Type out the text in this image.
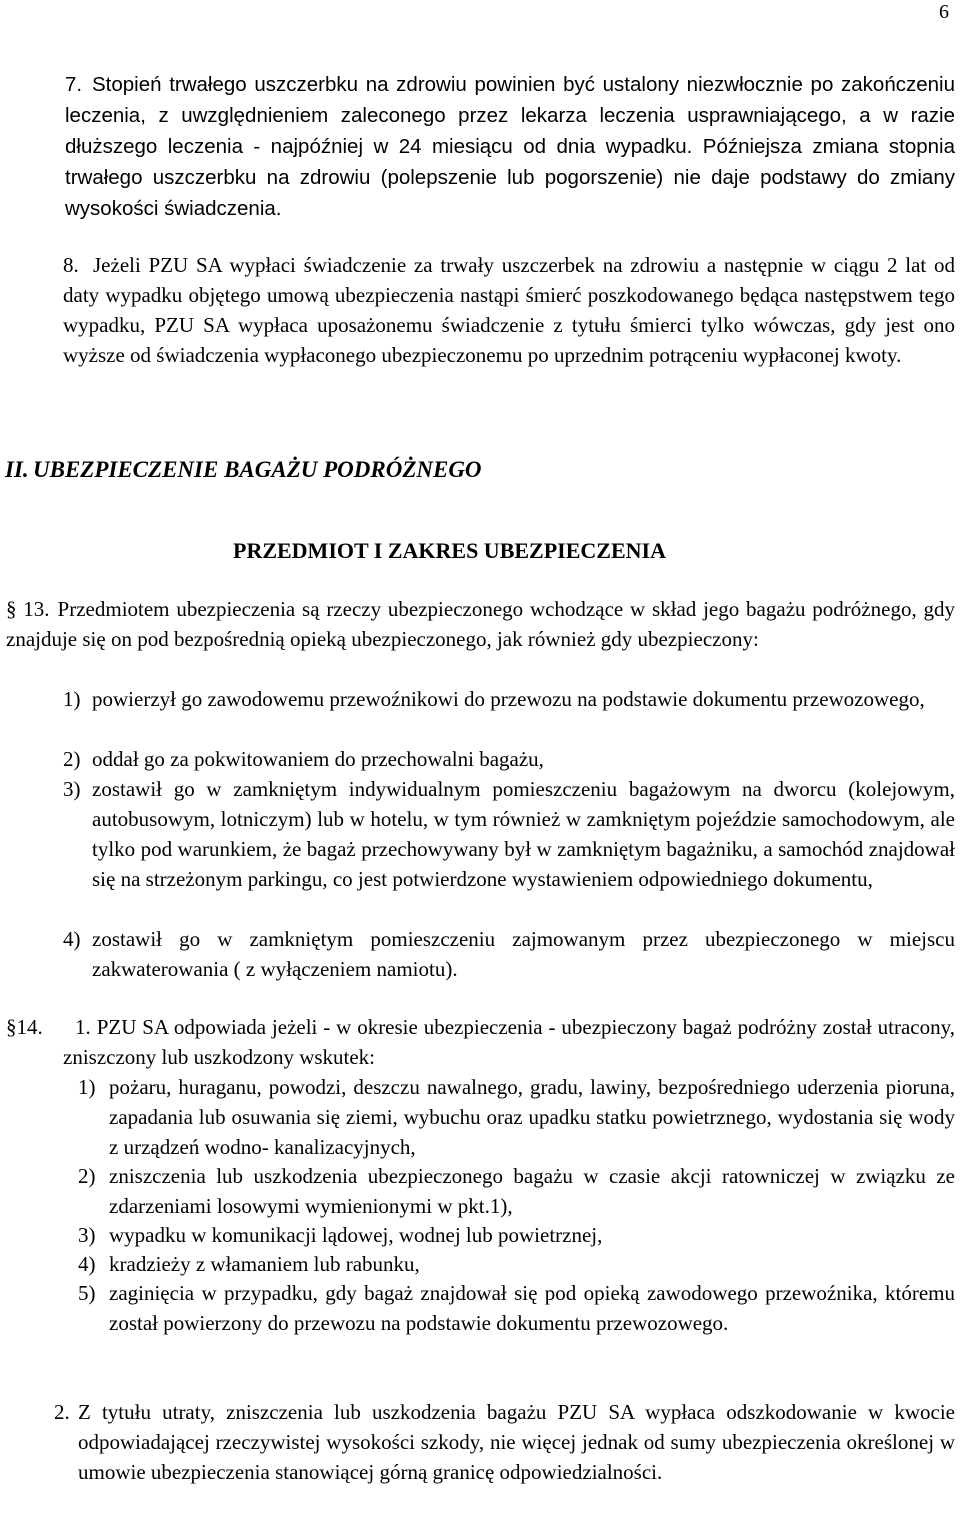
6
7. Stopień trwałego uszczerbku na zdrowiu powinien być ustalony niezwłocznie po zakończeniu leczenia, z uwzględnieniem zaleconego przez lekarza leczenia usprawniającego, a w razie dłuższego leczenia - najpóźniej w 24 miesiącu od dnia wypadku. Późniejsza zmiana stopnia trwałego uszczerbku na zdrowiu (polepszenie lub pogorszenie) nie daje podstawy do zmiany wysokości świadczenia.
8. Jeżeli PZU SA wypłaci świadczenie za trwały uszczerbek na zdrowiu a następnie w ciągu 2 lat od daty wypadku objętego umową ubezpieczenia nastąpi śmierć poszkodowanego będąca następstwem tego wypadku, PZU SA wypłaca uposażonemu świadczenie z tytułu śmierci tylko wówczas, gdy jest ono wyższe od świadczenia wypłaconego ubezpieczonemu po uprzednim potrąceniu wypłaconej kwoty.
II. UBEZPIECZENIE BAGAŻU PODRÓŻNEGO
PRZEDMIOT I ZAKRES UBEZPIECZENIA
§ 13. Przedmiotem ubezpieczenia są rzeczy ubezpieczonego wchodzące w skład jego bagażu podróżnego, gdy znajduje się on pod bezpośrednią opieką ubezpieczonego, jak również gdy ubezpieczony:
1) powierzył go zawodowemu przewoźnikowi do przewozu na podstawie dokumentu przewozowego,
2) oddał go za pokwitowaniem do przechowalni bagażu,
3) zostawił go w zamkniętym indywidualnym pomieszczeniu bagażowym na dworcu (kolejowym, autobusowym, lotniczym) lub w hotelu, w tym również w zamkniętym pojeździe samochodowym, ale tylko pod warunkiem, że bagaż przechowywany był w zamkniętym bagażniku, a samochód znajdował się na strzeżonym parkingu, co jest potwierdzone wystawieniem odpowiedniego dokumentu,
4) zostawił go w zamkniętym pomieszczeniu zajmowanym przez ubezpieczonego w miejscu zakwaterowania ( z wyłączeniem namiotu).
§14.	1. PZU SA odpowiada jeżeli - w okresie ubezpieczenia - ubezpieczony bagaż podróżny został utracony, zniszczony lub uszkodzony wskutek:
1) pożaru, huraganu, powodzi, deszczu nawalnego, gradu, lawiny, bezpośredniego uderzenia pioruna, zapadania lub osuwania się ziemi, wybuchu oraz upadku statku powietrznego, wydostania się wody z urządzeń wodno- kanalizacyjnych,
2) zniszczenia lub uszkodzenia ubezpieczonego bagażu w czasie akcji ratowniczej w związku ze zdarzeniami losowymi wymienionymi w pkt.1),
3) wypadku w komunikacji lądowej, wodnej lub powietrznej,
4) kradzieży z włamaniem lub rabunku,
5) zaginięcia w przypadku, gdy bagaż znajdował się pod opieką zawodowego przewoźnika, któremu został powierzony do przewozu na podstawie dokumentu przewozowego.
2. Z tytułu utraty, zniszczenia lub uszkodzenia bagażu PZU SA wypłaca odszkodowanie w kwocie odpowiadającej rzeczywistej wysokości szkody, nie więcej jednak od sumy ubezpieczenia określonej w umowie ubezpieczenia stanowiącej górną granicę odpowiedzialności.
